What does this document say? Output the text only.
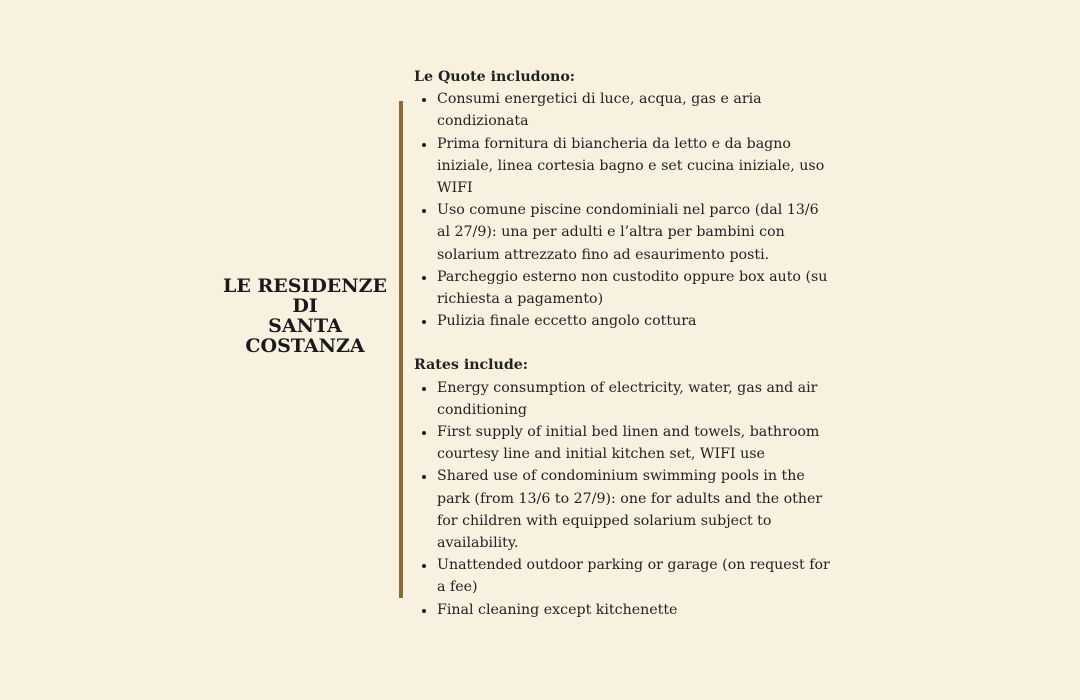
LE RESIDENZE
DI
SANTA
COSTANZA

Le Quote includono:

Consumi energetici di luce, acqua, gas e aria condizionata
Prima fornitura di biancheria da letto e da bagno iniziale, linea cortesia bagno e set cucina iniziale, uso WIFI
Uso comune piscine condominiali nel parco (dal 13/6 al 27/9): una per adulti e l’altra per bambini con solarium attrezzato fino ad esaurimento posti.
Parcheggio esterno non custodito oppure box auto (su richiesta a pagamento)
Pulizia finale eccetto angolo cottura

Rates include:

Energy consumption of electricity, water, gas and air conditioning
First supply of initial bed linen and towels, bathroom courtesy line and initial kitchen set, WIFI use
Shared use of condominium swimming pools in the park (from 13/6 to 27/9): one for adults and the other for children with equipped solarium subject to availability.
Unattended outdoor parking or garage (on request for a fee)
Final cleaning except kitchenette
